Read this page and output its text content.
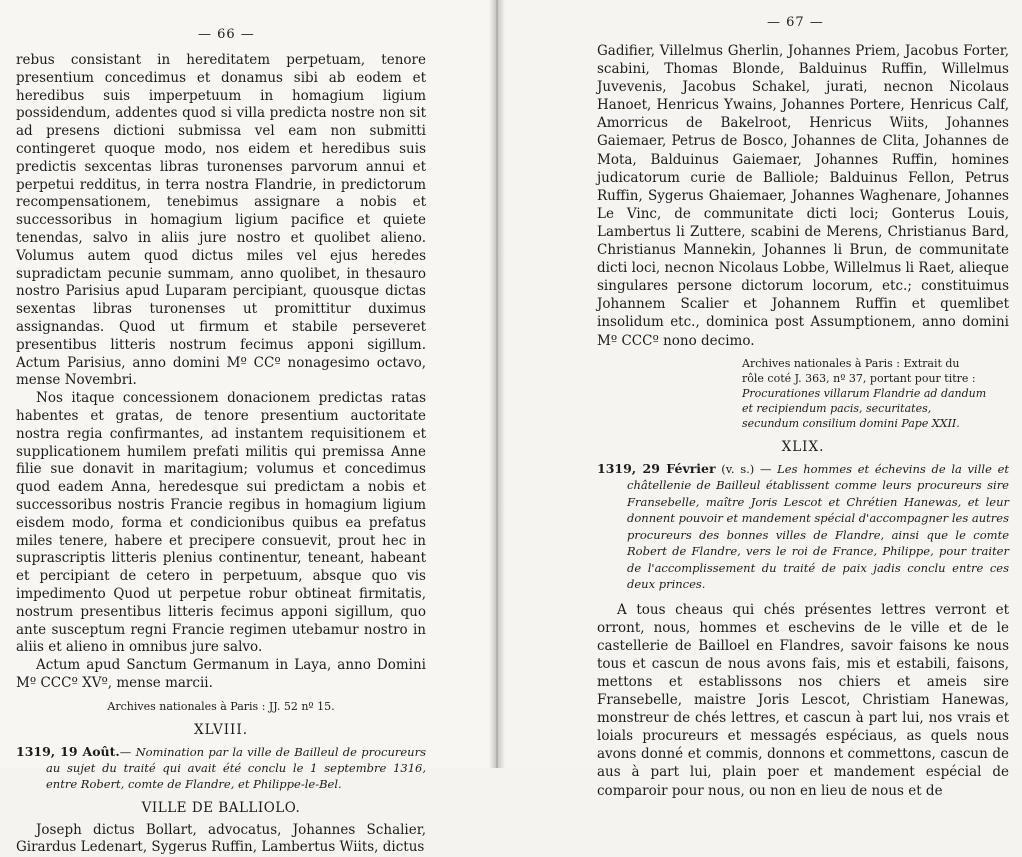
— 66 —

rebus consistant in hereditatem perpetuam, tenore presentium concedimus et donamus sibi ab eodem et heredibus suis imperpetuum in homagium ligium possidendum, addentes quod si villa predicta nostre non sit ad presens dictioni submissa vel eam non submitti contingeret quoque modo, nos eidem et heredibus suis predictis sexcentas libras turonenses parvorum annui et perpetui redditus, in terra nostra Flandrie, in predictorum recompensationem, tenebimus assignare a nobis et successoribus in homagium ligium pacifice et quiete tenendas, salvo in aliis jure nostro et quolibet alieno. Volumus autem quod dictus miles vel ejus heredes supradictam pecunie summam, anno quolibet, in thesauro nostro Parisius apud Luparam percipiant, quousque dictas sexentas libras turonenses ut promittitur duximus assignandas. Quod ut firmum et stabile perseveret presentibus litteris nostrum fecimus apponi sigillum. Actum Parisius, anno domini Mº CCº nonagesimo octavo, mense Novembri.

Nos itaque concessionem donacionem predictas ratas habentes et gratas, de tenore presentium auctoritate nostra regia confirmantes, ad instantem requisitionem et supplicationem humilem prefati militis qui premissa Anne filie sue donavit in maritagium; volumus et concedimus quod eadem Anna, heredesque sui predictam a nobis et successoribus nostris Francie regibus in homagium ligium eisdem modo, forma et condicionibus quibus ea prefatus miles tenere, habere et precipere consuevit, prout hec in suprascriptis litteris plenius continentur, teneant, habeant et percipiant de cetero in perpetuum, absque quo vis impedimento Quod ut perpetue robur obtineat firmitatis, nostrum presentibus litteris fecimus apponi sigillum, quo ante susceptum regni Francie regimen utebamur nostro in aliis et alieno in omnibus jure salvo.

Actum apud Sanctum Germanum in Laya, anno Domini Mº CCCº XVº, mense marcii.

Archives nationales à Paris : JJ. 52 nº 15.
XLVIII.
1319, 19 Août.— Nomination par la ville de Bailleul de procureurs au sujet du traité qui avait été conclu le 1 septembre 1316, entre Robert, comte de Flandre, et Philippe-le-Bel.
VILLE DE BALLIOLO.

Joseph dictus Bollart, advocatus, Johannes Schalier, Girardus Ledenart, Sygerus Ruffin, Lambertus Wiits, dictus

— 67 —

Gadifier, Villelmus Gherlin, Johannes Priem, Jacobus Forter, scabini, Thomas Blonde, Balduinus Ruffin, Willelmus Juvevenis, Jacobus Schakel, jurati, necnon Nicolaus Hanoet, Henricus Ywains, Johannes Portere, Henricus Calf, Amorricus de Bakelroot, Henricus Wiits, Johannes Gaiemaer, Petrus de Bosco, Johannes de Clita, Johannes de Mota, Balduinus Gaiemaer, Johannes Ruffin, homines judicatorum curie de Balliole; Balduinus Fellon, Petrus Ruffin, Sygerus Ghaiemaer, Johannes Waghenare, Johannes Le Vinc, de communitate dicti loci; Gonterus Louis, Lambertus li Zuttere, scabini de Merens, Christianus Bard, Christianus Mannekin, Johannes li Brun, de communitate dicti loci, necnon Nicolaus Lobbe, Willelmus li Raet, alieque singulares persone dictorum locorum, etc.; constituimus Johannem Scalier et Johannem Ruffin et quemlibet insolidum etc., dominica post Assumptionem, anno domini Mº CCCº nono decimo.

Archives nationales à Paris : Extrait du
rôle coté J. 363, nº 37, portant pour titre :
Procurationes villarum Flandrie ad dandum et recipiendum pacis, securitates, secundum consilium domini Pape XXII.
XLIX.
1319, 29 Février (v. s.) — Les hommes et échevins de la ville et châtellenie de Bailleul établissent comme leurs procureurs sire Fransebelle, maître Joris Lescot et Chrétien Hanewas, et leur donnent pouvoir et mandement spécial d'accompagner les autres procureurs des bonnes villes de Flandre, ainsi que le comte Robert de Flandre, vers le roi de France, Philippe, pour traiter de l'accomplissement du traité de paix jadis conclu entre ces deux princes.

A tous cheaus qui chés présentes lettres verront et orront, nous, hommes et eschevins de le ville et de le castellerie de Bailloel en Flandres, savoir faisons ke nous tous et cascun de nous avons fais, mis et estabili, faisons, mettons et establissons nos chiers et ameis sire Fransebelle, maistre Joris Lescot, Christiam Hanewas, monstreur de chés lettres, et cascun à part lui, nos vrais et loials procureurs et messagés espéciaus, as quels nous avons donné et commis, donnons et commettons, cascun de aus à part lui, plain poer et mandement espécial de comparoir pour nous, ou non en lieu de nous et de
